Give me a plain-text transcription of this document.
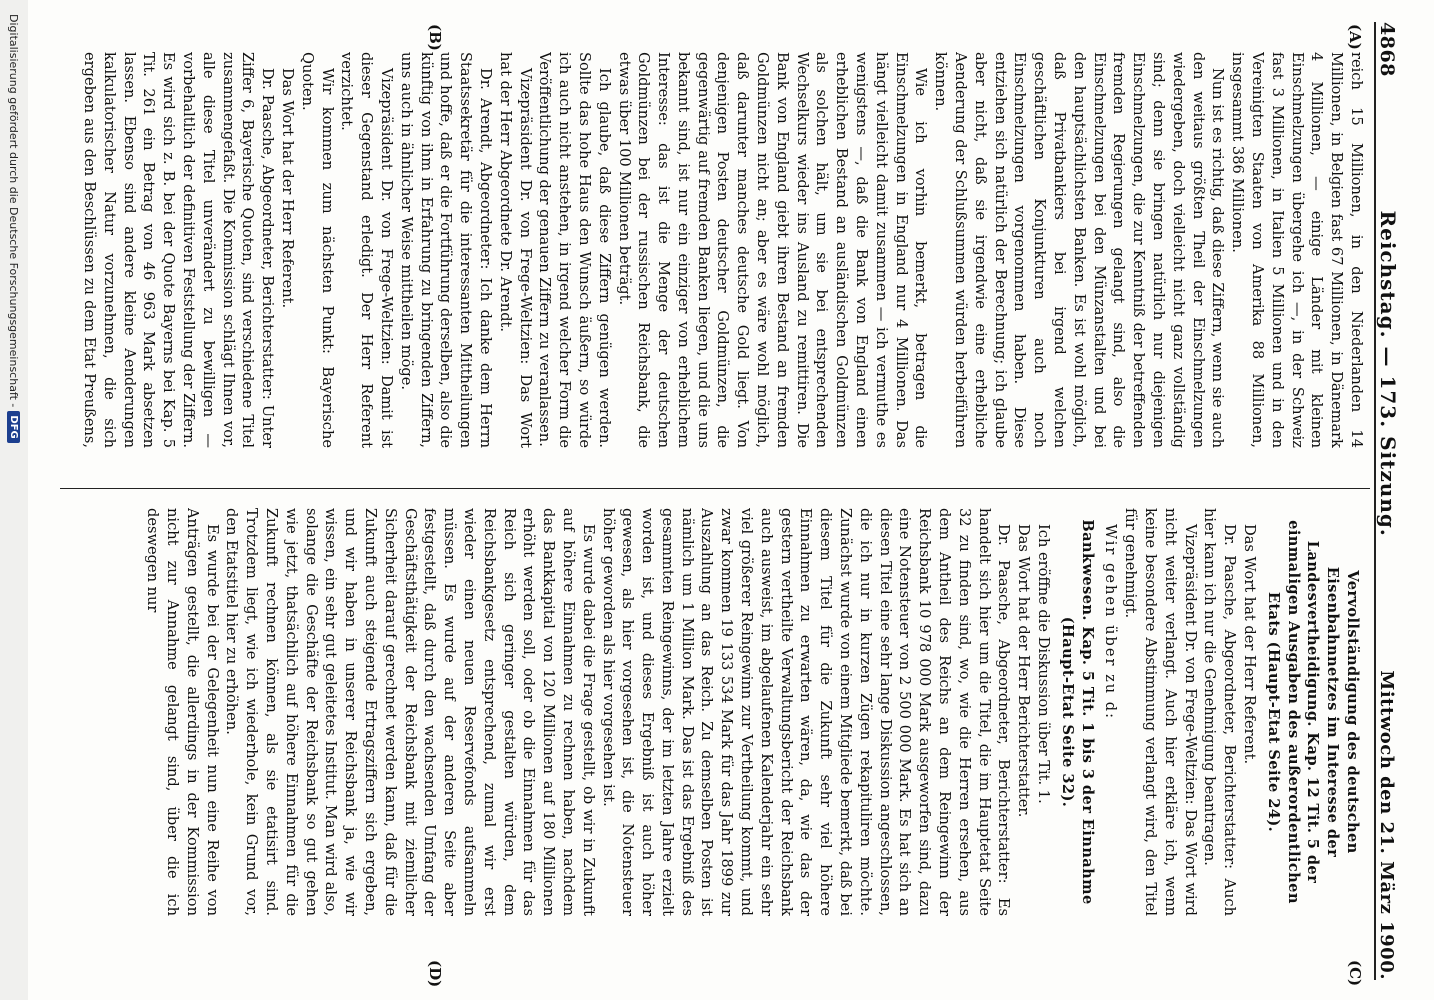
4868
Reichstag. — 173. Sitzung.
Mittwoch den 21. März 1900.
(A)
(B)
(C)
(D)

reich 15 Millionen, in den Niederlanden 14 Millionen, in Belgien fast 67 Millionen, in Dänemark 4 Millionen, — einige Länder mit kleinen Einschmelzungen übergehe ich —, in der Schweiz fast 3 Millionen, in Italien 5 Millionen und in den Vereinigten Staaten von Amerika 88 Millionen, insgesammt 386 Millionen.

Nun ist es richtig, daß diese Ziffern, wenn sie auch den weitaus größten Theil der Einschmelzungen wiedergeben, doch vielleicht nicht ganz vollständig sind; denn sie bringen natürlich nur diejenigen Einschmelzungen, die zur Kenntniß der betreffenden fremden Regierungen gelangt sind, also die Einschmelzungen bei den Münzanstalten und bei den hauptsächlichsten Banken. Es ist wohl möglich, daß Privatbankiers bei irgend welchen geschäftlichen Konjunkturen auch noch Einschmelzungen vorgenommen haben. Diese entziehen sich natürlich der Berechnung; ich glaube aber nicht, daß sie irgendwie eine erhebliche Aenderung der Schlußsummen würden herbeiführen können.

Wie ich vorhin bemerkt, betragen die Einschmelzungen in England nur 4 Millionen. Das hängt vielleicht damit zusammen — ich vermuthe es wenigstens —, daß die Bank von England einen erheblichen Bestand an ausländischen Goldmünzen als solchen hält, um sie bei entsprechenden Wechselkurs wieder ins Ausland zu remittiren. Die Bank von England giebt ihren Bestand an fremden Goldmünzen nicht an; aber es wäre wohl möglich, daß darunter manches deutsche Gold liegt. Von denjenigen Posten deutscher Goldmünzen, die gegenwärtig auf fremden Banken liegen, und die uns bekannt sind, ist nur ein einziger von erheblichem Interesse: das ist die Menge der deutschen Goldmünzen bei der russischen Reichsbank, die etwas über 100 Millionen beträgt.

Ich glaube, daß diese Ziffern genügen werden. Sollte das hohe Haus den Wunsch äußern, so würde ich auch nicht anstehen, in irgend welcher Form die Veröffentlichung der genauen Ziffern zu veranlassen.

Vizepräsident Dr. von Frege-Weltzien: Das Wort hat der Herr Abgeordnete Dr. Arendt.

Dr. Arendt, Abgeordneter: Ich danke dem Herrn Staatssekretär für die interessanten Mittheilungen und hoffe, daß er die Fortführung derselben, also die künftig von ihm in Erfahrung zu bringenden Ziffern, uns auch in ähnlicher Weise mittheilen möge.

Vizepräsident Dr. von Frege-Weltzien: Damit ist dieser Gegenstand erledigt. Der Herr Referent verzichtet.

Wir kommen zum nächsten Punkt: Bayerische Quoten.

Das Wort hat der Herr Referent.

Dr. Paasche, Abgeordneter, Berichterstatter: Unter Ziffer 6, Bayerische Quoten, sind verschiedene Titel zusammengefaßt. Die Kommission schlägt Ihnen vor, alle diese Titel unverändert zu bewilligen — vorbehaltlich der definitiven Feststellung der Ziffern. Es wird sich z. B. bei der Quote Bayerns bei Kap. 5 Tit. 261 ein Betrag von 46 963 Mark absetzen lassen. Ebenso sind andere kleine Aenderungen kalkulatorischer Natur vorzunehmen, die sich ergeben aus den Beschlüssen zu dem Etat Preußens,

Vervollständigung des deutschen Eisenbahnnetzes im Interesse der Landesvertheidigung. Kap. 12 Tit. 5 der einmaligen Ausgaben des außerordentlichen Etats (Haupt-Etat Seite 24).

Das Wort hat der Herr Referent.

Dr. Paasche, Abgeordneter, Berichterstatter: Auch hier kann ich nur die Genehmigung beantragen.

Vizepräsident Dr. von Frege-Weltzien: Das Wort wird nicht weiter verlangt. Auch hier erkläre ich, wenn keine besondere Abstimmung verlangt wird, den Titel für genehmigt.

Wir gehen über zu d:

Bankwesen. Kap. 5 Tit. 1 bis 3 der Einnahme (Haupt-Etat Seite 32).

Ich eröffne die Diskussion über Tit. 1.

Das Wort hat der Herr Berichterstatter.

Dr. Paasche, Abgeordneter, Berichterstatter: Es handelt sich hier um die Titel, die im Hauptetat Seite 32 zu finden sind, wo, wie die Herren ersehen, aus dem Antheil des Reichs an dem Reingewinn der Reichsbank 10 978 000 Mark ausgeworfen sind, dazu eine Notensteuer von 2 500 000 Mark. Es hat sich an diesen Titel eine sehr lange Diskussion angeschlossen, die ich nur in kurzen Zügen rekapituliren möchte. Zunächst wurde von einem Mitgliede bemerkt, daß bei diesem Titel für die Zukunft sehr viel höhere Einnahmen zu erwarten wären, da, wie das der gestern vertheilte Verwaltungsbericht der Reichsbank auch ausweist, im abgelaufenen Kalenderjahr ein sehr viel größerer Reingewinn zur Vertheilung kommt, und zwar kommen 19 133 534 Mark für das Jahr 1899 zur Auszahlung an das Reich. Zu demselben Posten ist nämlich um 1 Million Mark. Das ist das Ergebniß des gesammten Reingewinns, der im letzten Jahre erzielt worden ist, und dieses Ergebniß ist auch höher gewesen, als hier vorgesehen ist, die Notensteuer höher geworden als hier vorgesehen ist.

Es wurde dabei die Frage gestellt, ob wir in Zukunft auf höhere Einnahmen zu rechnen haben, nachdem das Bankkapital von 120 Millionen auf 180 Millionen erhöht werden soll, oder ob die Einnahmen für das Reich sich geringer gestalten würden, dem Reichsbankgesetz entsprechend, zumal wir erst wieder einen neuen Reservefonds aufsammeln müssen. Es wurde auf der anderen Seite aber festgestellt, daß durch den wachsenden Umfang der Geschäftsthätigkeit der Reichsbank mit ziemlicher Sicherheit darauf gerechnet werden kann, daß für die Zukunft auch steigende Ertragsziffern sich ergeben, und wir haben in unserer Reichsbank ja, wie wir wissen, ein sehr gut geleitetes Institut. Man wird also, solange die Geschäfte der Reichsbank so gut gehen wie jetzt, thatsächlich auf höhere Einnahmen für die Zukunft rechnen können, als sie etatisirt sind. Trotzdem liegt, wie ich wiederhole, kein Grund vor, den Etatstitel hier zu erhöhen.

Es wurde bei der Gelegenheit nun eine Reihe von Anträgen gestellt, die allerdings in der Kommission nicht zur Annahme gelangt sind, über die ich deswegen nur

Digitalisierung gefördert durch die Deutsche Forschungsgemeinschaft -
DFG
